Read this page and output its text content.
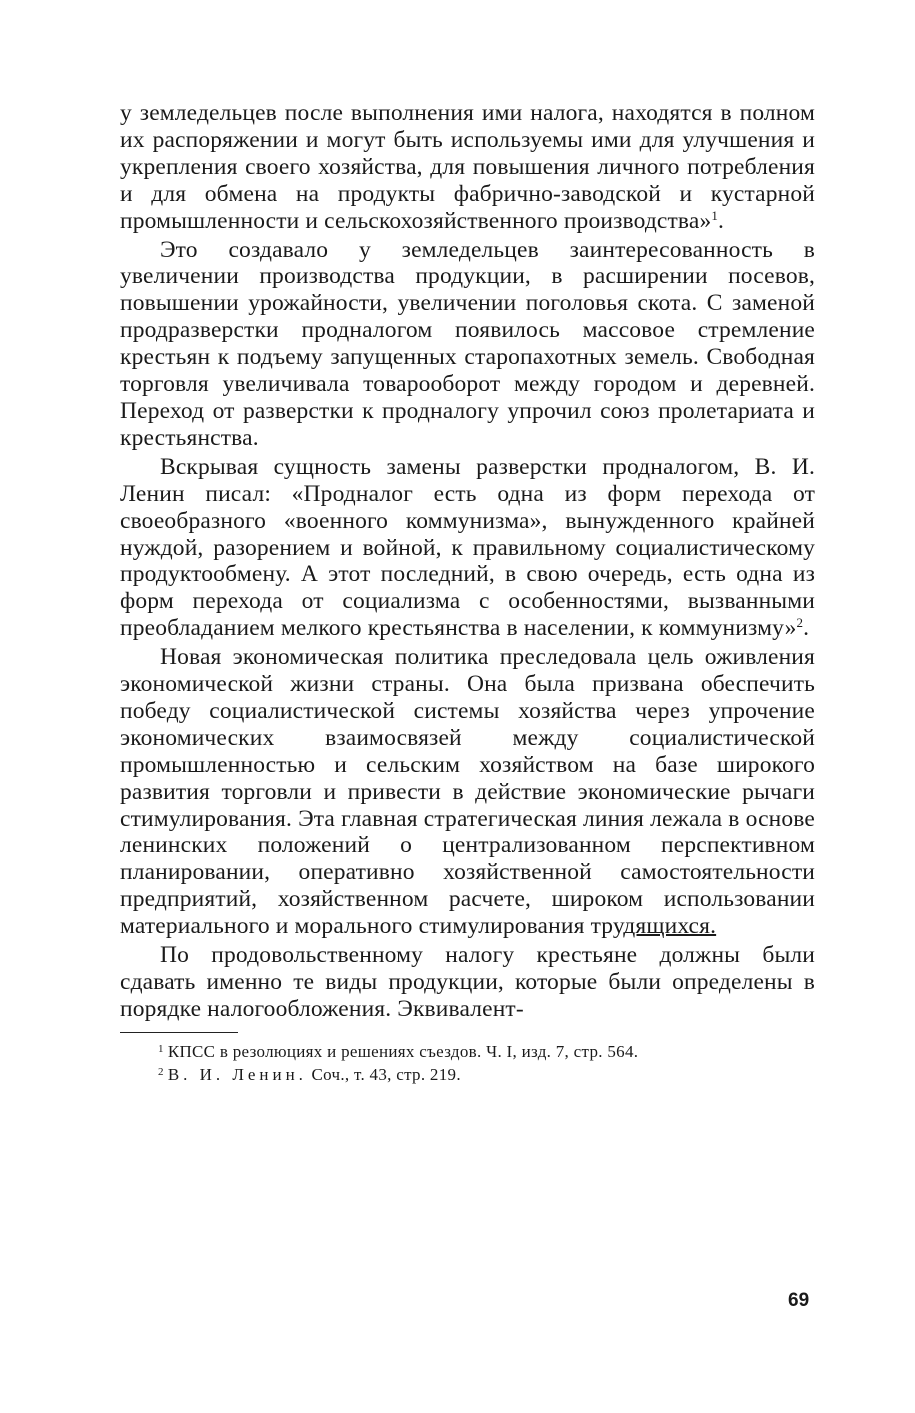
у земледельцев после выполнения ими налога, находятся в полном их распоряжении и могут быть используемы ими для улучшения и укрепления своего хозяйства, для повышения личного потребления и для обмена на продукты фабрично-заводской и кустарной промышленности и сельскохозяйственного производства»$^1$.

Это создавало у земледельцев заинтересованность в увеличении производства продукции, в расширении посевов, повышении урожайности, увеличении поголовья скота. С заменой продразверстки продналогом появилось массовое стремление крестьян к подъему запущенных старопахотных земель. Свободная торговля увеличивала товарооборот между городом и деревней. Переход от разверстки к продналогу упрочил союз пролетариата и крестьянства.

Вскрывая сущность замены разверстки продналогом, В. И. Ленин писал: «Продналог есть одна из форм перехода от своеобразного «военного коммунизма», вынужденного крайней нуждой, разорением и войной, к правильному социалистическому продуктообмену. А этот последний, в свою очередь, есть одна из форм перехода от социализма с особенностями, вызванными преобладанием мелкого крестьянства в населении, к коммунизму»$^2$.

Новая экономическая политика преследовала цель оживления экономической жизни страны. Она была призвана обеспечить победу социалистической системы хозяйства через упрочение экономических взаимосвязей между социалистической промышленностью и сельским хозяйством на базе широкого развития торговли и привести в действие экономические рычаги стимулирования. Эта главная стратегическая линия лежала в основе ленинских положений о централизованном перспективном планировании, оперативно хозяйственной самостоятельности предприятий, хозяйственном расчете, широком использовании материального и морального стимулирования трудящихся.

По продовольственному налогу крестьяне должны были сдавать именно те виды продукции, которые были определены в порядке налогообложения. Эквивалент-

$^1$ КПСС в резолюциях и решениях съездов. Ч. I, изд. 7, стр. 564.

$^2$ В. И. Ленин. Соч., т. 43, стр. 219.

69
